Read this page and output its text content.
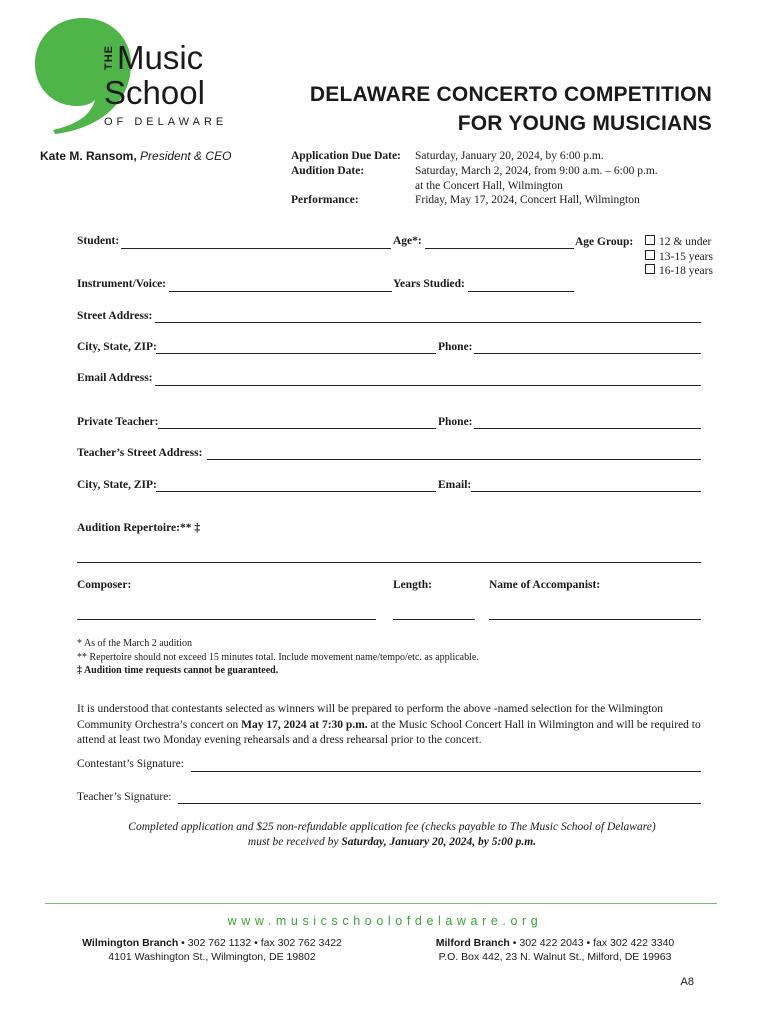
THE Music
School
OF DELAWARE
Kate M. Ransom, President & CEO
DELAWARE CONCERTO COMPETITION
FOR YOUNG MUSICIANS
Application Due Date:	Saturday, January 20, 2024, by 6:00 p.m.
Audition Date:	Saturday, March 2, 2024, from 9:00 a.m. – 6:00 p.m.
at the Concert Hall, Wilmington
Performance:	Friday, May 17, 2024, Concert Hall, Wilmington
Student:	Age*:	Age Group:	12 & under
13-15 years
16-18 years
Instrument/Voice:	Years Studied:
Street Address:
City, State, ZIP:	Phone:
Email Address:
Private Teacher:	Phone:
Teacher’s Street Address:
City, State, ZIP:	Email:
Audition Repertoire:** ‡
Composer:	Length:	Name of Accompanist:
* As of the March 2 audition
** Repertoire should not exceed 15 minutes total. Include movement name/tempo/etc. as applicable.
‡ Audition time requests cannot be guaranteed.
It is understood that contestants selected as winners will be prepared to perform the above -named selection for the Wilmington Community Orchestra’s concert on May 17, 2024 at 7:30 p.m. at the Music School Concert Hall in Wilmington and will be required to attend at least two Monday evening rehearsals and a dress rehearsal prior to the concert.
Contestant’s Signature:
Teacher’s Signature:
Completed application and $25 non-refundable application fee (checks payable to The Music School of Delaware)
must be received by Saturday, January 20, 2024, by 5:00 p.m.
www.musicschoolofdelaware.org
Wilmington Branch • 302 762 1132 • fax 302 762 3422
4101 Washington St., Wilmington, DE 19802
Milford Branch • 302 422 2043 • fax 302 422 3340
P.O. Box 442, 23 N. Walnut St., Milford, DE 19963
A8
